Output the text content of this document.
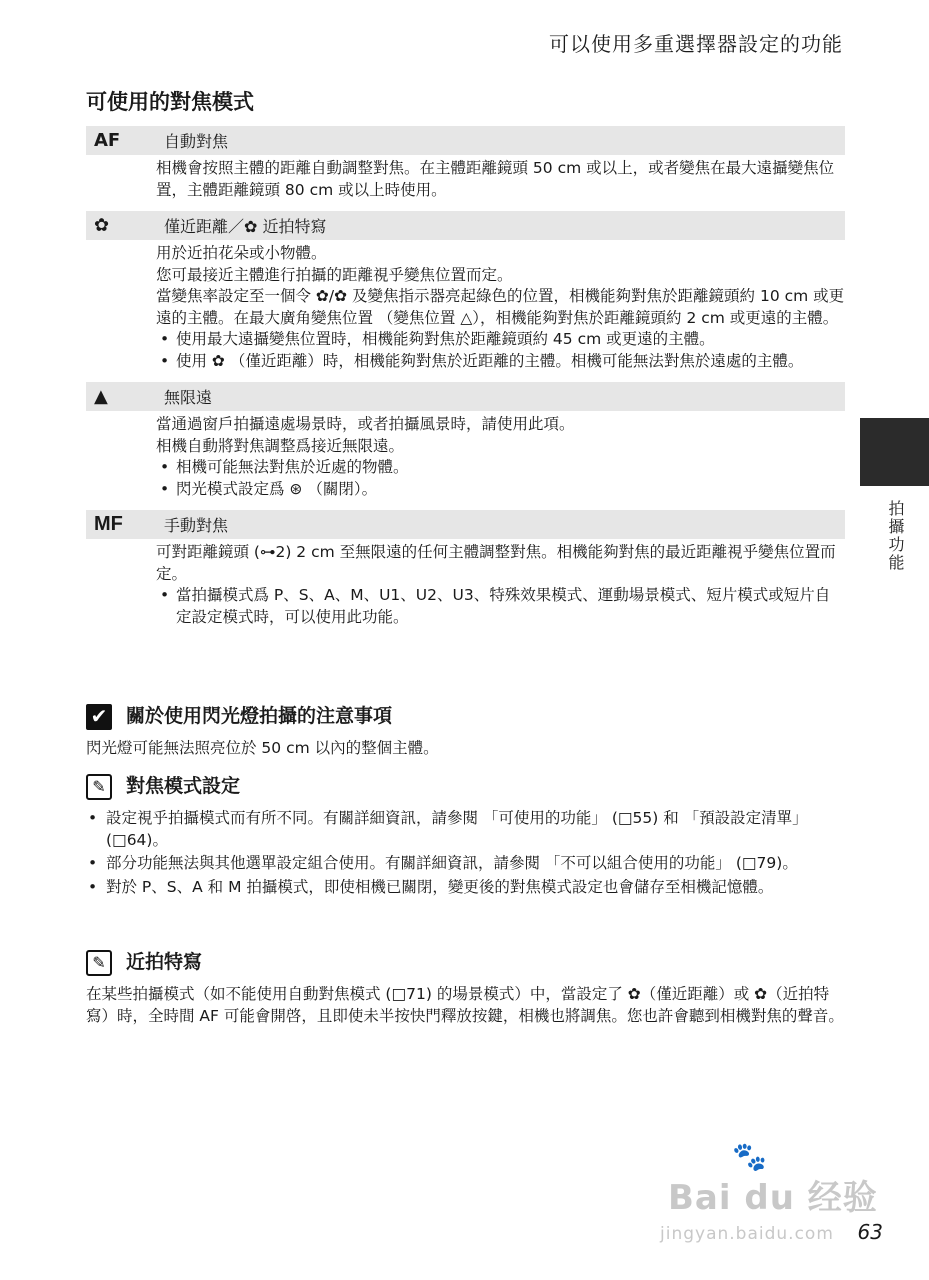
可以使用多重選擇器設定的功能
可使用的對焦模式
AF	自動對焦

相機會按照主體的距離自動調整對焦。在主體距離鏡頭 50 cm 或以上，或者變焦在最大遠攝變焦位置，主體距離鏡頭 80 cm 或以上時使用。

✿	僅近距離／✿ 近拍特寫

用於近拍花朵或小物體。

您可最接近主體進行拍攝的距離視乎變焦位置而定。

當變焦率設定至一個令 ✿/✿ 及變焦指示器亮起綠色的位置，相機能夠對焦於距離鏡頭約 10 cm 或更遠的主體。在最大廣角變焦位置 （變焦位置 △），相機能夠對焦於距離鏡頭約 2 cm 或更遠的主體。

• 使用最大遠攝變焦位置時，相機能夠對焦於距離鏡頭約 45 cm 或更遠的主體。
• 使用 ✿ （僅近距離）時，相機能夠對焦於近距離的主體。相機可能無法對焦於遠處的主體。
▲	無限遠

當通過窗戶拍攝遠處場景時，或者拍攝風景時，請使用此項。

相機自動將對焦調整爲接近無限遠。

• 相機可能無法對焦於近處的物體。
• 閃光模式設定爲 ⊛ （關閉）。
MF	手動對焦

可對距離鏡頭 (⊶2) 2 cm 至無限遠的任何主體調整對焦。相機能夠對焦的最近距離視乎變焦位置而定。

• 當拍攝模式爲 P、S、A、M、U1、U2、U3、特殊效果模式、運動場景模式、短片模式或短片自定設定模式時，可以使用此功能。
拍攝功能
✔ 關於使用閃光燈拍攝的注意事項

閃光燈可能無法照亮位於 50 cm 以內的整個主體。

✎	對焦模式設定
• 設定視乎拍攝模式而有所不同。有關詳細資訊，請參閱 「可使用的功能」 (□55) 和 「預設設定清單」 (□64)。
• 部分功能無法與其他選單設定組合使用。有關詳細資訊，請參閱 「不可以組合使用的功能」 (□79)。
• 對於 P、S、A 和 M 拍攝模式，即使相機已關閉，變更後的對焦模式設定也會儲存至相機記憶體。
✎	近拍特寫

在某些拍攝模式（如不能使用自動對焦模式 (□71) 的場景模式）中，當設定了 ✿（僅近距離）或 ✿（近拍特寫）時，全時間 AF 可能會開啓，且即使未半按快門釋放按鍵，相機也將調焦。您也許會聽到相機對焦的聲音。

🐾
Bai du 经验
jingyan.baidu.com 63
